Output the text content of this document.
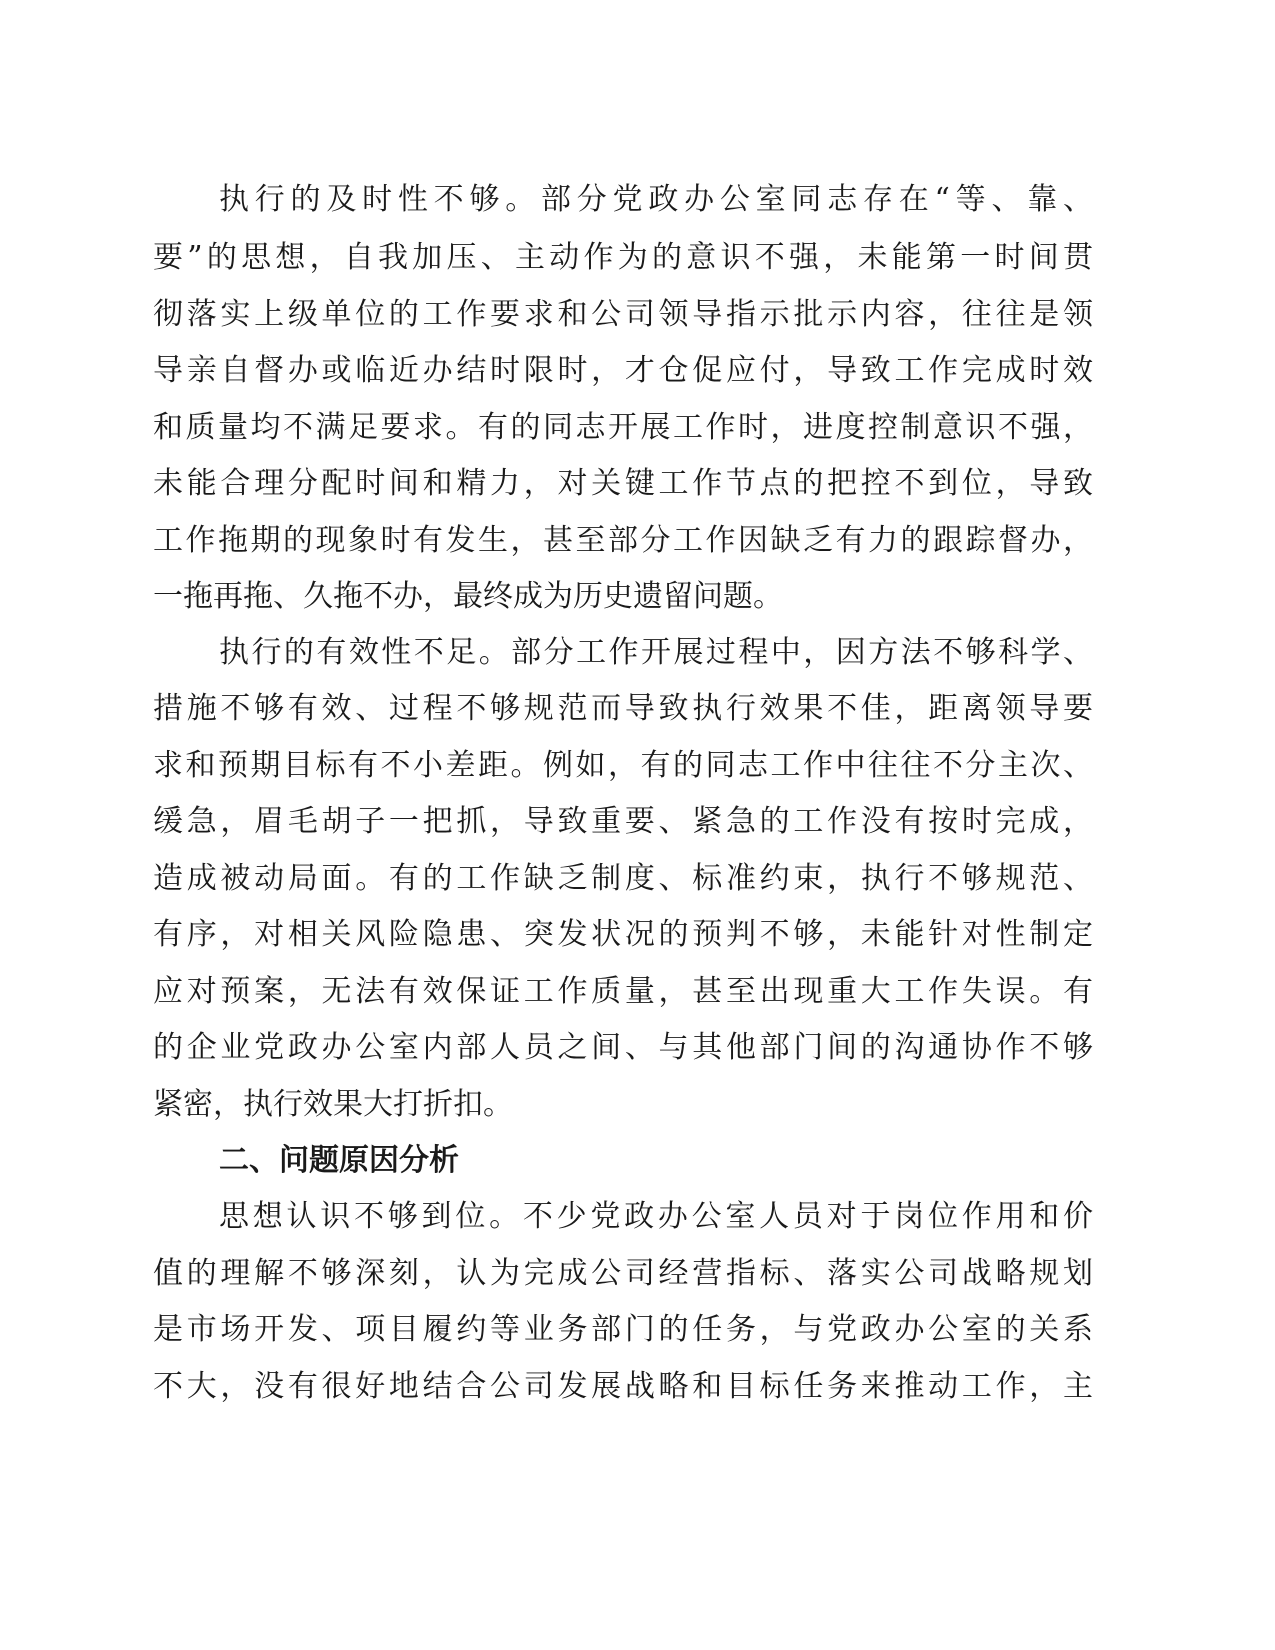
执行的及时性不够。部分党政办公室同志存在“等、靠、
要”的思想，自我加压、主动作为的意识不强，未能第一时间贯
彻落实上级单位的工作要求和公司领导指示批示内容，往往是领
导亲自督办或临近办结时限时，才仓促应付，导致工作完成时效
和质量均不满足要求。有的同志开展工作时，进度控制意识不强，
未能合理分配时间和精力，对关键工作节点的把控不到位，导致
工作拖期的现象时有发生，甚至部分工作因缺乏有力的跟踪督办，
一拖再拖、久拖不办，最终成为历史遗留问题。
执行的有效性不足。部分工作开展过程中，因方法不够科学、
措施不够有效、过程不够规范而导致执行效果不佳，距离领导要
求和预期目标有不小差距。例如，有的同志工作中往往不分主次、
缓急，眉毛胡子一把抓，导致重要、紧急的工作没有按时完成，
造成被动局面。有的工作缺乏制度、标准约束，执行不够规范、
有序，对相关风险隐患、突发状况的预判不够，未能针对性制定
应对预案，无法有效保证工作质量，甚至出现重大工作失误。有
的企业党政办公室内部人员之间、与其他部门间的沟通协作不够
紧密，执行效果大打折扣。
二、问题原因分析
思想认识不够到位。不少党政办公室人员对于岗位作用和价
值的理解不够深刻，认为完成公司经营指标、落实公司战略规划
是市场开发、项目履约等业务部门的任务，与党政办公室的关系
不大，没有很好地结合公司发展战略和目标任务来推动工作，主
